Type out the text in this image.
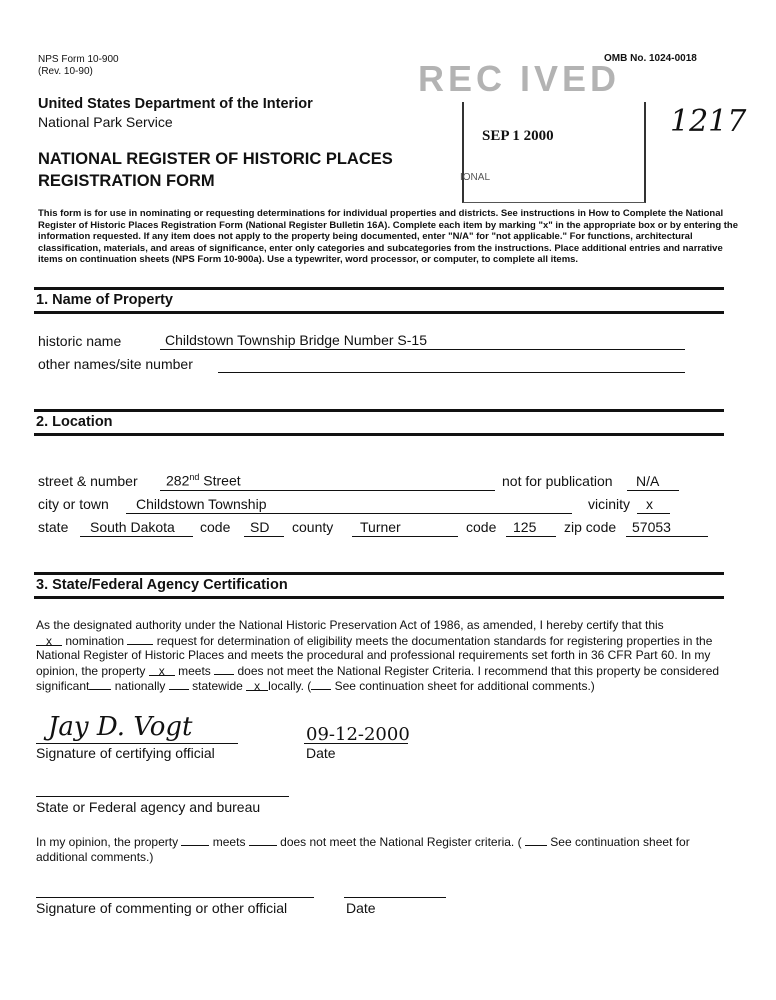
NPS Form 10-900
(Rev. 10-90)
OMB No. 1024-0018
United States Department of the Interior
National Park Service
NATIONAL REGISTER OF HISTORIC PLACES
REGISTRATION FORM
REC IVED
SEP 1 2000
IONAL
1217
This form is for use in nominating or requesting determinations for individual properties and districts. See instructions in How to Complete the National Register of Historic Places Registration Form (National Register Bulletin 16A). Complete each item by marking "x" in the appropriate box or by entering the information requested. If any item does not apply to the property being documented, enter "N/A" for "not applicable." For functions, architectural classification, materials, and areas of significance, enter only categories and subcategories from the instructions. Place additional entries and narrative items on continuation sheets (NPS Form 10-900a). Use a typewriter, word processor, or computer, to complete all items.
1. Name of Property
historic name	Childstown Township Bridge Number S-15
other names/site number
2. Location
street & number 282nd Street	not for publication N/A
city or town Childstown Township	vicinity x
state South Dakota code SD county Turner	code 125 zip code 57053
3. State/Federal Agency Certification
As the designated authority under the National Historic Preservation Act of 1986, as amended, I hereby certify that this
x nomination	request for determination of eligibility meets the documentation standards for registering properties in the National Register of Historic Places and meets the procedural and professional requirements set forth in 36 CFR Part 60. In my opinion, the property x meets does not meet the National Register Criteria. I recommend that this property be considered significant nationally statewide x locally. ( See continuation sheet for additional comments.)
Jay D. Vogt	09-12-2000
Signature of certifying official	Date
State or Federal agency and bureau
In my opinion, the property	meets	does not meet the National Register criteria. ( See continuation sheet for additional comments.)
Signature of commenting or other official	Date
